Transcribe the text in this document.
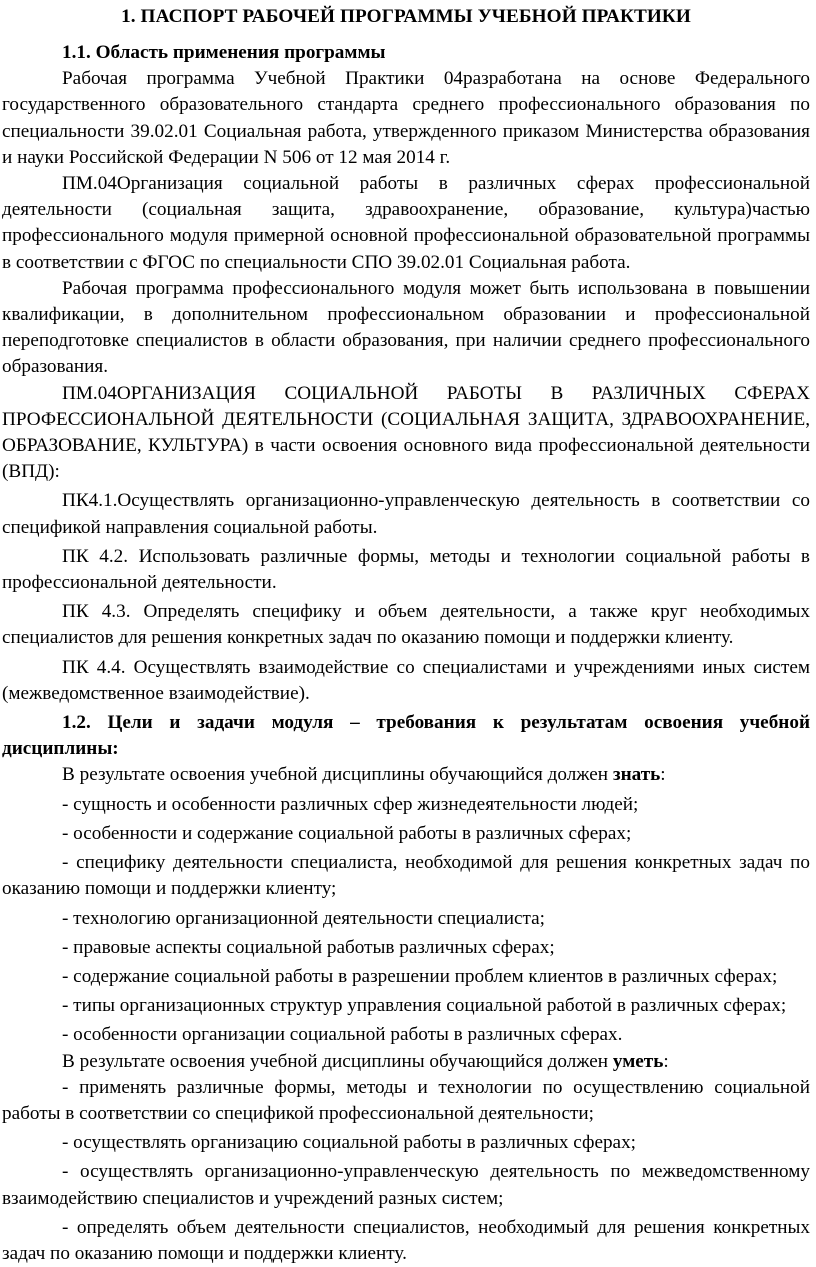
1. ПАСПОРТ РАБОЧЕЙ ПРОГРАММЫ УЧЕБНОЙ ПРАКТИКИ

1.1. Область применения программы

Рабочая программа Учебной Практики 04разработана на основе Федерального государственного образовательного стандарта среднего профессионального образования по специальности 39.02.01 Социальная работа, утвержденного приказом Министерства образования и науки Российской Федерации N 506 от 12 мая 2014 г.

ПМ.04Организация социальной работы в различных сферах профессиональной деятельности (социальная защита, здравоохранение, образование, культура)частью профессионального модуля примерной основной профессиональной образовательной программы в соответствии с ФГОС по специальности СПО 39.02.01 Социальная работа.

Рабочая программа профессионального модуля может быть использована в повышении квалификации, в дополнительном профессиональном образовании и профессиональной переподготовке специалистов в области образования, при наличии среднего профессионального образования.

ПМ.04ОРГАНИЗАЦИЯ СОЦИАЛЬНОЙ РАБОТЫ В РАЗЛИЧНЫХ СФЕРАХ ПРОФЕССИОНАЛЬНОЙ ДЕЯТЕЛЬНОСТИ (СОЦИАЛЬНАЯ ЗАЩИТА, ЗДРАВООХРАНЕНИЕ, ОБРАЗОВАНИЕ, КУЛЬТУРА) в части освоения основного вида профессиональной деятельности (ВПД):

ПК4.1.Осуществлять организационно-управленческую деятельность в соответствии со спецификой направления социальной работы.

ПК 4.2. Использовать различные формы, методы и технологии социальной работы в профессиональной деятельности.

ПК 4.3. Определять специфику и объем деятельности, а также круг необходимых специалистов для решения конкретных задач по оказанию помощи и поддержки клиенту.

ПК 4.4. Осуществлять взаимодействие со специалистами и учреждениями иных систем (межведомственное взаимодействие).

1.2. Цели и задачи модуля – требования к результатам освоения учебной дисциплины:

В результате освоения учебной дисциплины обучающийся должен знать:

- сущность и особенности различных сфер жизнедеятельности людей;

- особенности и содержание социальной работы в различных сферах;

- специфику деятельности специалиста, необходимой для решения конкретных задач по оказанию помощи и поддержки клиенту;

- технологию организационной деятельности специалиста;

- правовые аспекты социальной работыв различных сферах;

- содержание социальной работы в разрешении проблем клиентов в различных сферах;

- типы организационных структур управления социальной работой в различных сферах;

- особенности организации социальной работы в различных сферах.

В результате освоения учебной дисциплины обучающийся должен уметь:

- применять различные формы, методы и технологии по осуществлению социальной работы в соответствии со спецификой профессиональной деятельности;

- осуществлять организацию социальной работы в различных сферах;

- осуществлять организационно-управленческую деятельность по межведомственному взаимодействию специалистов и учреждений разных систем;

- определять объем деятельности специалистов, необходимый для решения конкретных задач по оказанию помощи и поддержки клиенту.
